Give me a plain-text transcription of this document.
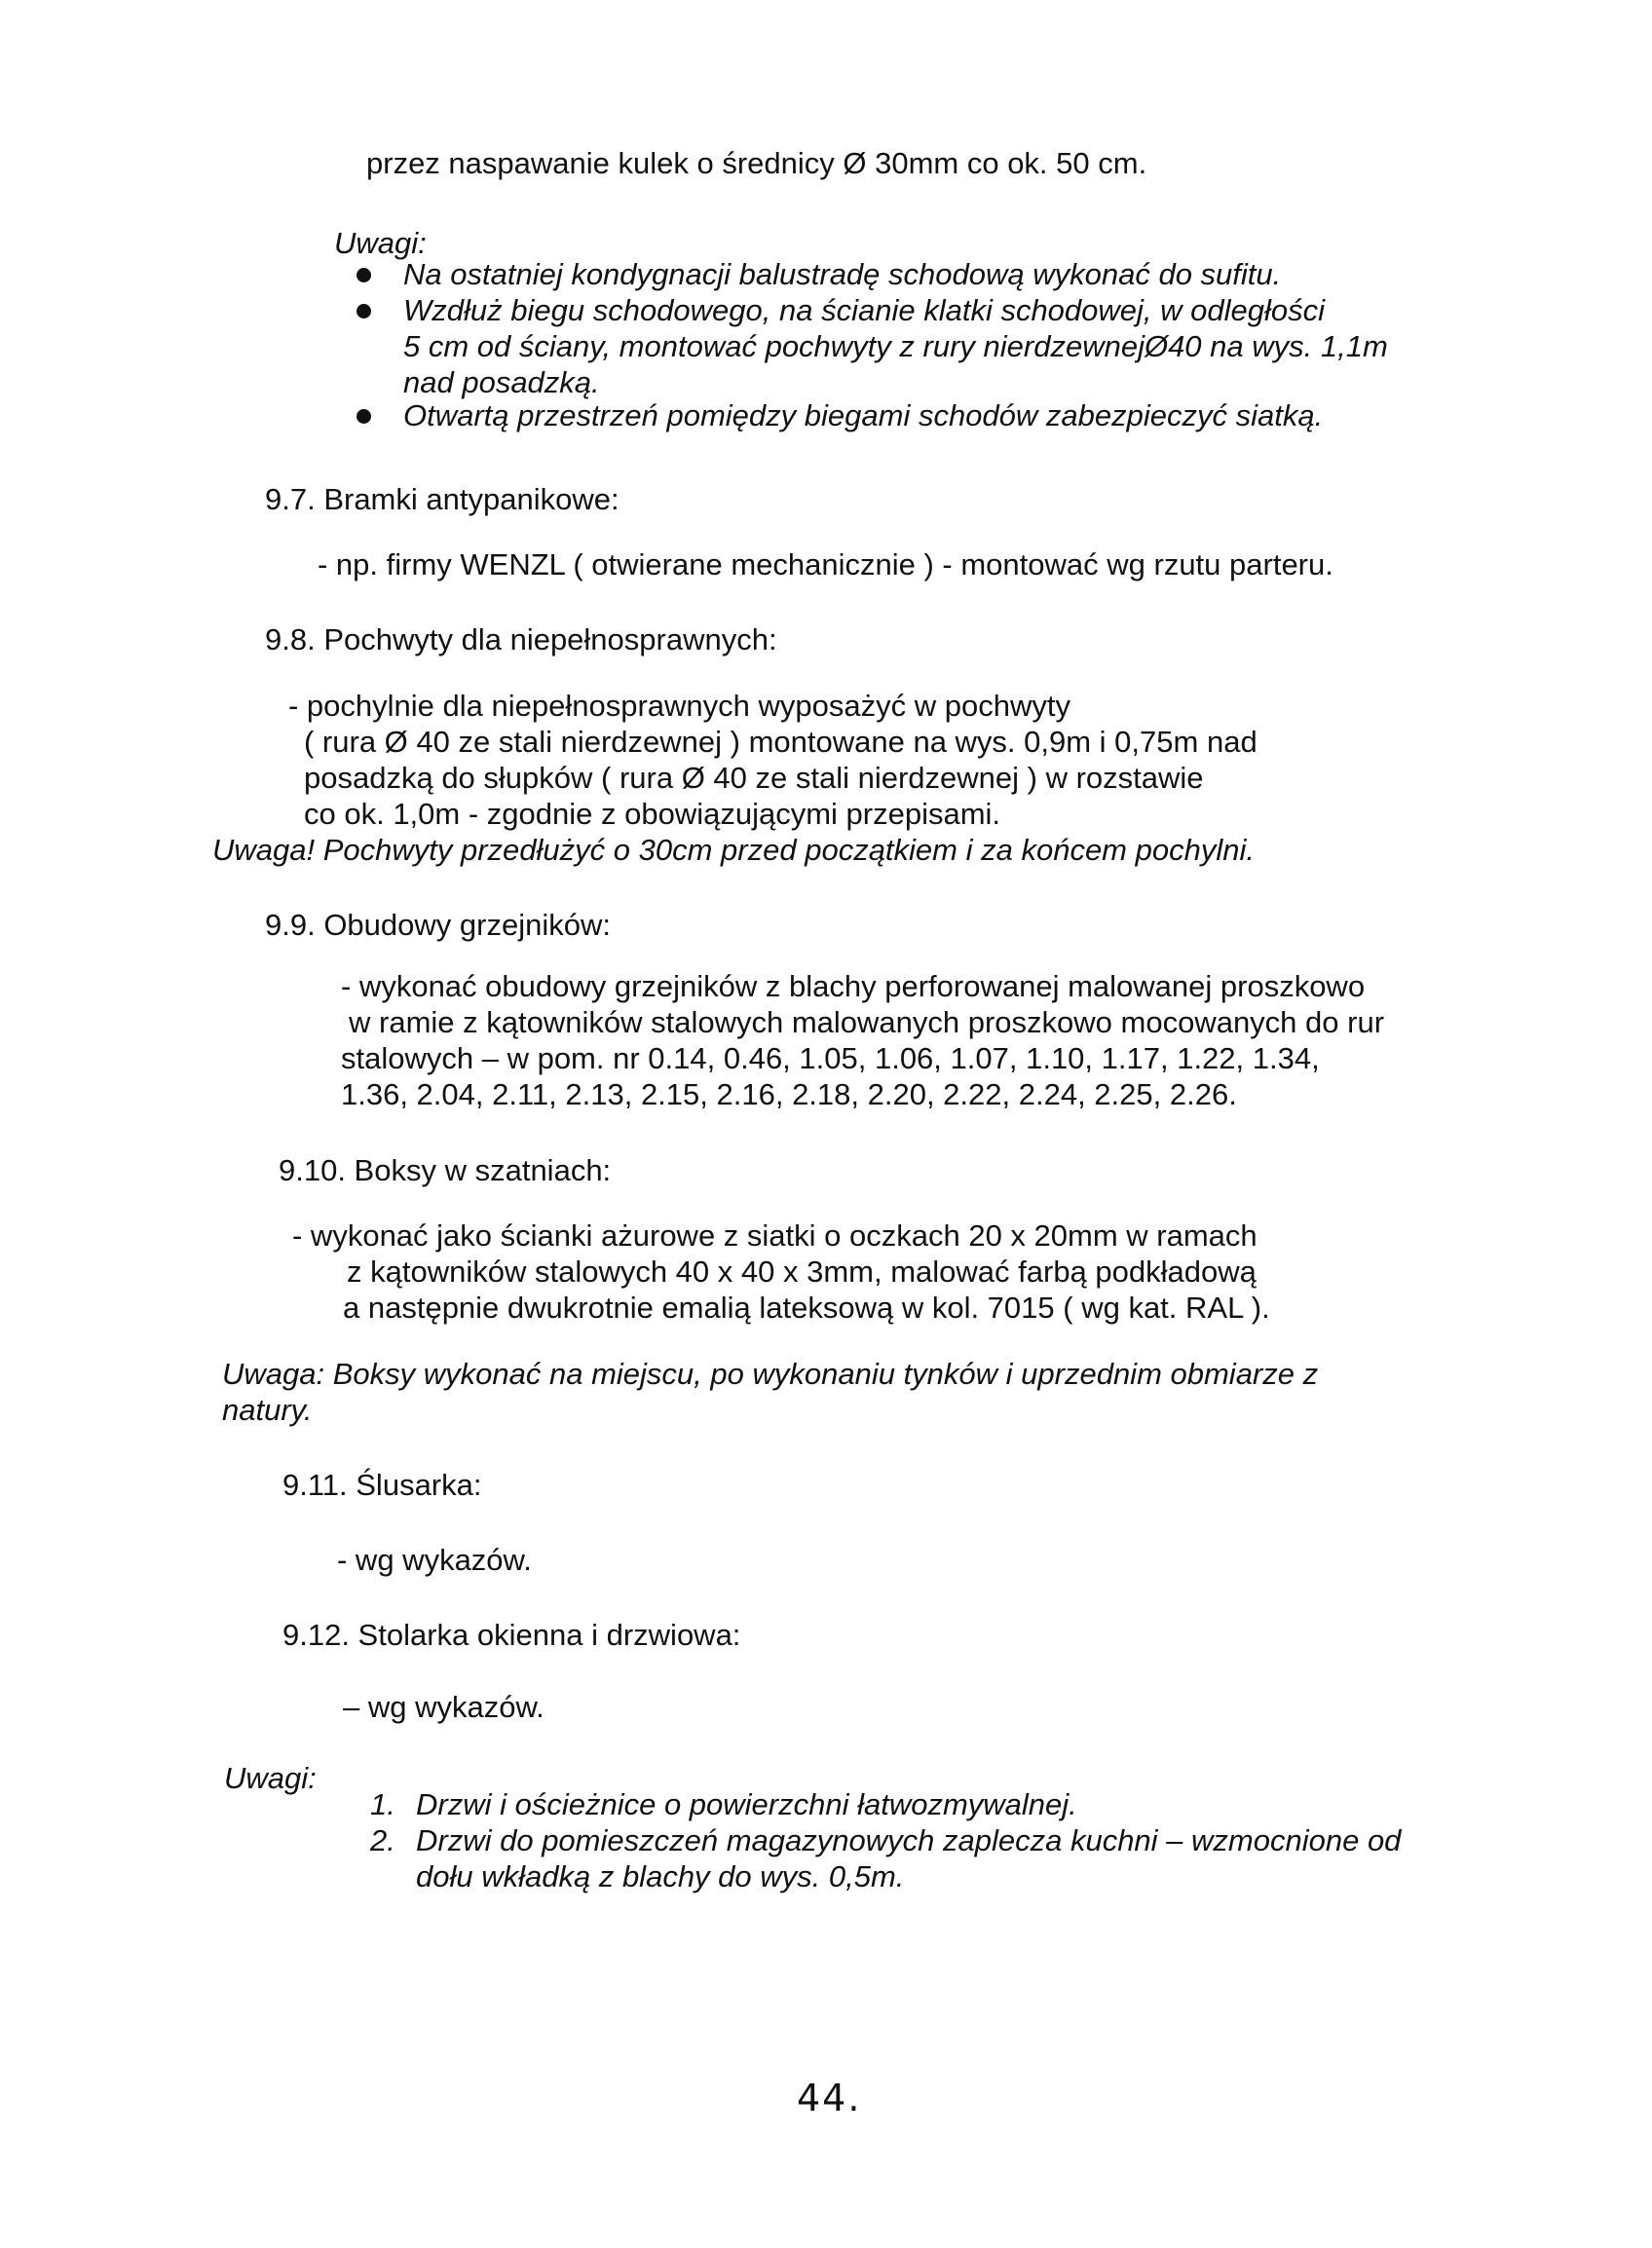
przez naspawanie kulek o średnicy Ø 30mm co ok. 50 cm.
Uwagi:
Na ostatniej kondygnacji balustradę schodową wykonać do sufitu.
Wzdłuż biegu schodowego, na ścianie klatki schodowej, w odległości
5 cm od ściany, montować pochwyty z rury nierdzewnejØ40 na wys. 1,1m
nad posadzką.
Otwartą przestrzeń pomiędzy biegami schodów zabezpieczyć siatką.
9.7. Bramki antypanikowe:
- np. firmy WENZL ( otwierane mechanicznie ) - montować wg rzutu parteru.
9.8. Pochwyty dla niepełnosprawnych:
- pochylnie dla niepełnosprawnych wyposażyć w pochwyty
( rura Ø 40 ze stali nierdzewnej ) montowane na wys. 0,9m i 0,75m nad
posadzką do słupków ( rura Ø 40 ze stali nierdzewnej ) w rozstawie
co ok. 1,0m - zgodnie z obowiązującymi przepisami.
Uwaga! Pochwyty przedłużyć o 30cm przed początkiem i za końcem pochylni.
9.9. Obudowy grzejników:
- wykonać obudowy grzejników z blachy perforowanej malowanej proszkowo
w ramie z kątowników stalowych malowanych proszkowo mocowanych do rur
stalowych – w pom. nr 0.14, 0.46, 1.05, 1.06, 1.07, 1.10, 1.17, 1.22, 1.34,
1.36, 2.04, 2.11, 2.13, 2.15, 2.16, 2.18, 2.20, 2.22, 2.24, 2.25, 2.26.
9.10. Boksy w szatniach:
- wykonać jako ścianki ażurowe z siatki o oczkach 20 x 20mm w ramach
z kątowników stalowych 40 x 40 x 3mm, malować farbą podkładową
a następnie dwukrotnie emalią lateksową w kol. 7015 ( wg kat. RAL ).
Uwaga: Boksy wykonać na miejscu, po wykonaniu tynków i uprzednim obmiarze z
natury.
9.11. Ślusarka:
- wg wykazów.
9.12. Stolarka okienna i drzwiowa:
– wg wykazów.
Uwagi:
1. Drzwi i ościeżnice o powierzchni łatwozmywalnej.
2. Drzwi do pomieszczeń magazynowych zaplecza kuchni – wzmocnione od
dołu wkładką z blachy do wys. 0,5m.
44.
